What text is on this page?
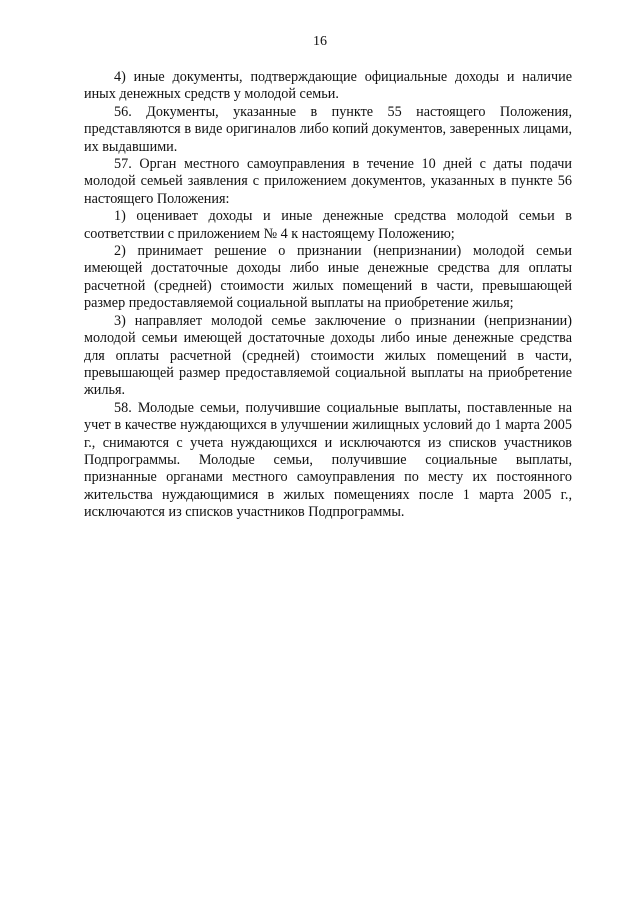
16

4) иные документы, подтверждающие официальные доходы и наличие иных денежных средств у молодой семьи.

56. Документы, указанные в пункте 55 настоящего Положения, представляются в виде оригиналов либо копий документов, заверенных лицами, их выдавшими.

57. Орган местного самоуправления в течение 10 дней с даты подачи молодой семьей заявления с приложением документов, указанных в пункте 56 настоящего Положения:

1) оценивает доходы и иные денежные средства молодой семьи в соответствии с приложением № 4 к настоящему Положению;

2) принимает решение о признании (непризнании) молодой семьи имеющей достаточные доходы либо иные денежные средства для оплаты расчетной (средней) стоимости жилых помещений в части, превышающей размер предоставляемой социальной выплаты на приобретение жилья;

3) направляет молодой семье заключение о признании (непризнании) молодой семьи имеющей достаточные доходы либо иные денежные средства для оплаты расчетной (средней) стоимости жилых помещений в части, превышающей размер предоставляемой социальной выплаты на приобретение жилья.

58. Молодые семьи, получившие социальные выплаты, поставленные на учет в качестве нуждающихся в улучшении жилищных условий до 1 марта 2005 г., снимаются с учета нуждающихся и исключаются из списков участников Подпрограммы. Молодые семьи, получившие социальные выплаты, признанные органами местного самоуправления по месту их постоянного жительства нуждающимися в жилых помещениях после 1 марта 2005 г., исключаются из списков участников Подпрограммы.
